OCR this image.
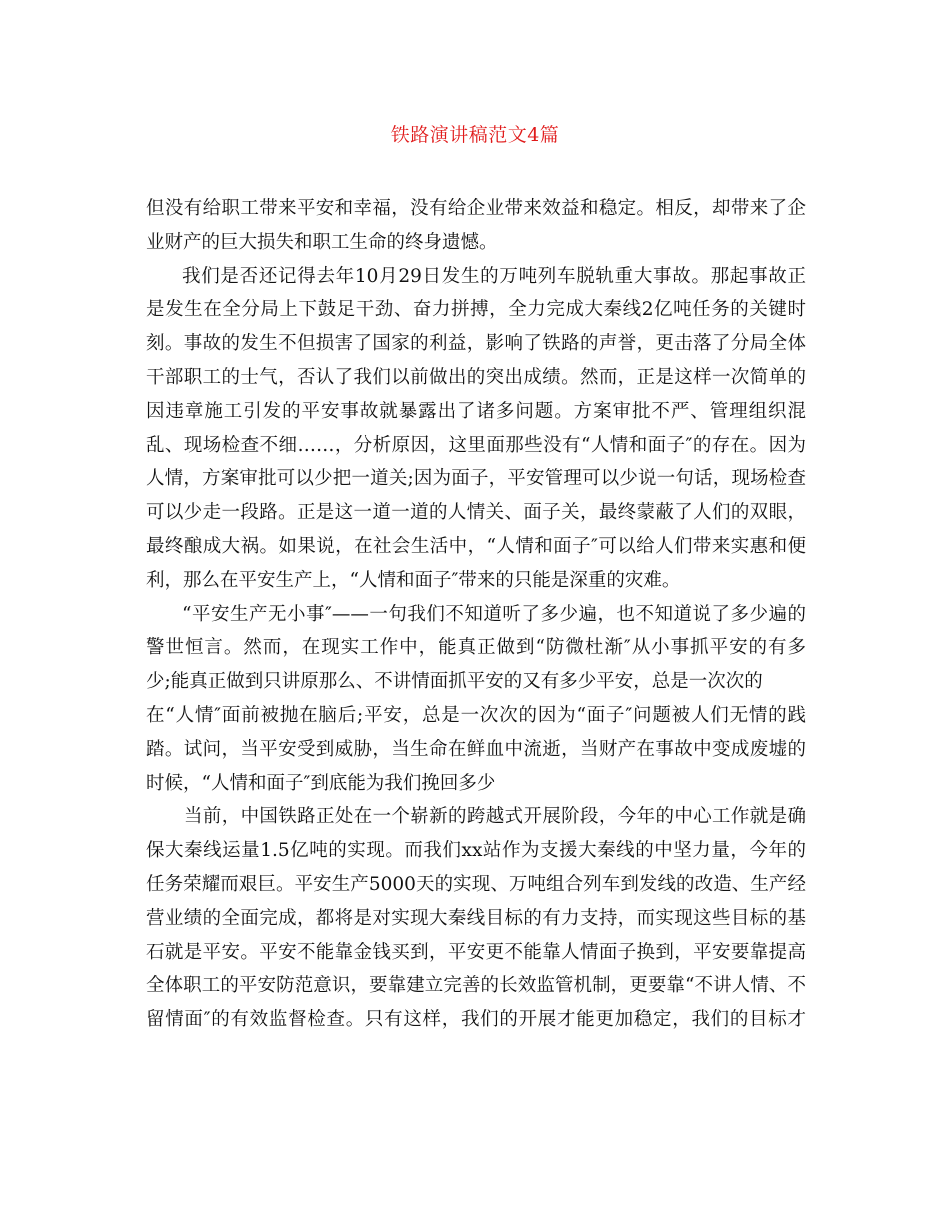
铁路演讲稿范文4篇
但没有给职工带来平安和幸福，没有给企业带来效益和稳定。相反，却带来了企
业财产的巨大损失和职工生命的终身遗憾。
我们是否还记得去年10月29日发生的万吨列车脱轨重大事故。那起事故正
是发生在全分局上下鼓足干劲、奋力拼搏，全力完成大秦线2亿吨任务的关键时
刻。事故的发生不但损害了国家的利益，影响了铁路的声誉，更击落了分局全体
干部职工的士气，否认了我们以前做出的突出成绩。然而，正是这样一次简单的
因违章施工引发的平安事故就暴露出了诸多问题。方案审批不严、管理组织混
乱、现场检查不细……，分析原因，这里面那些没有“人情和面子″的存在。因为
人情，方案审批可以少把一道关;因为面子，平安管理可以少说一句话，现场检查
可以少走一段路。正是这一道一道的人情关、面子关，最终蒙蔽了人们的双眼，
最终酿成大祸。如果说，在社会生活中，“人情和面子″可以给人们带来实惠和便
利，那么在平安生产上，“人情和面子″带来的只能是深重的灾难。
“平安生产无小事″——一句我们不知道听了多少遍，也不知道说了多少遍的
警世恒言。然而，在现实工作中，能真正做到“防微杜渐″从小事抓平安的有多
少;能真正做到只讲原那么、不讲情面抓平安的又有多少平安，总是一次次的
在“人情″面前被抛在脑后;平安，总是一次次的因为“面子″问题被人们无情的践
踏。试问，当平安受到威胁，当生命在鲜血中流逝，当财产在事故中变成废墟的
时候，“人情和面子″到底能为我们挽回多少
当前，中国铁路正处在一个崭新的跨越式开展阶段，今年的中心工作就是确
保大秦线运量1.5亿吨的实现。而我们xx站作为支援大秦线的中坚力量，今年的
任务荣耀而艰巨。平安生产5000天的实现、万吨组合列车到发线的改造、生产经
营业绩的全面完成，都将是对实现大秦线目标的有力支持，而实现这些目标的基
石就是平安。平安不能靠金钱买到，平安更不能靠人情面子换到，平安要靠提高
全体职工的平安防范意识，要靠建立完善的长效监管机制，更要靠“不讲人情、不
留情面″的有效监督检查。只有这样，我们的开展才能更加稳定，我们的目标才
